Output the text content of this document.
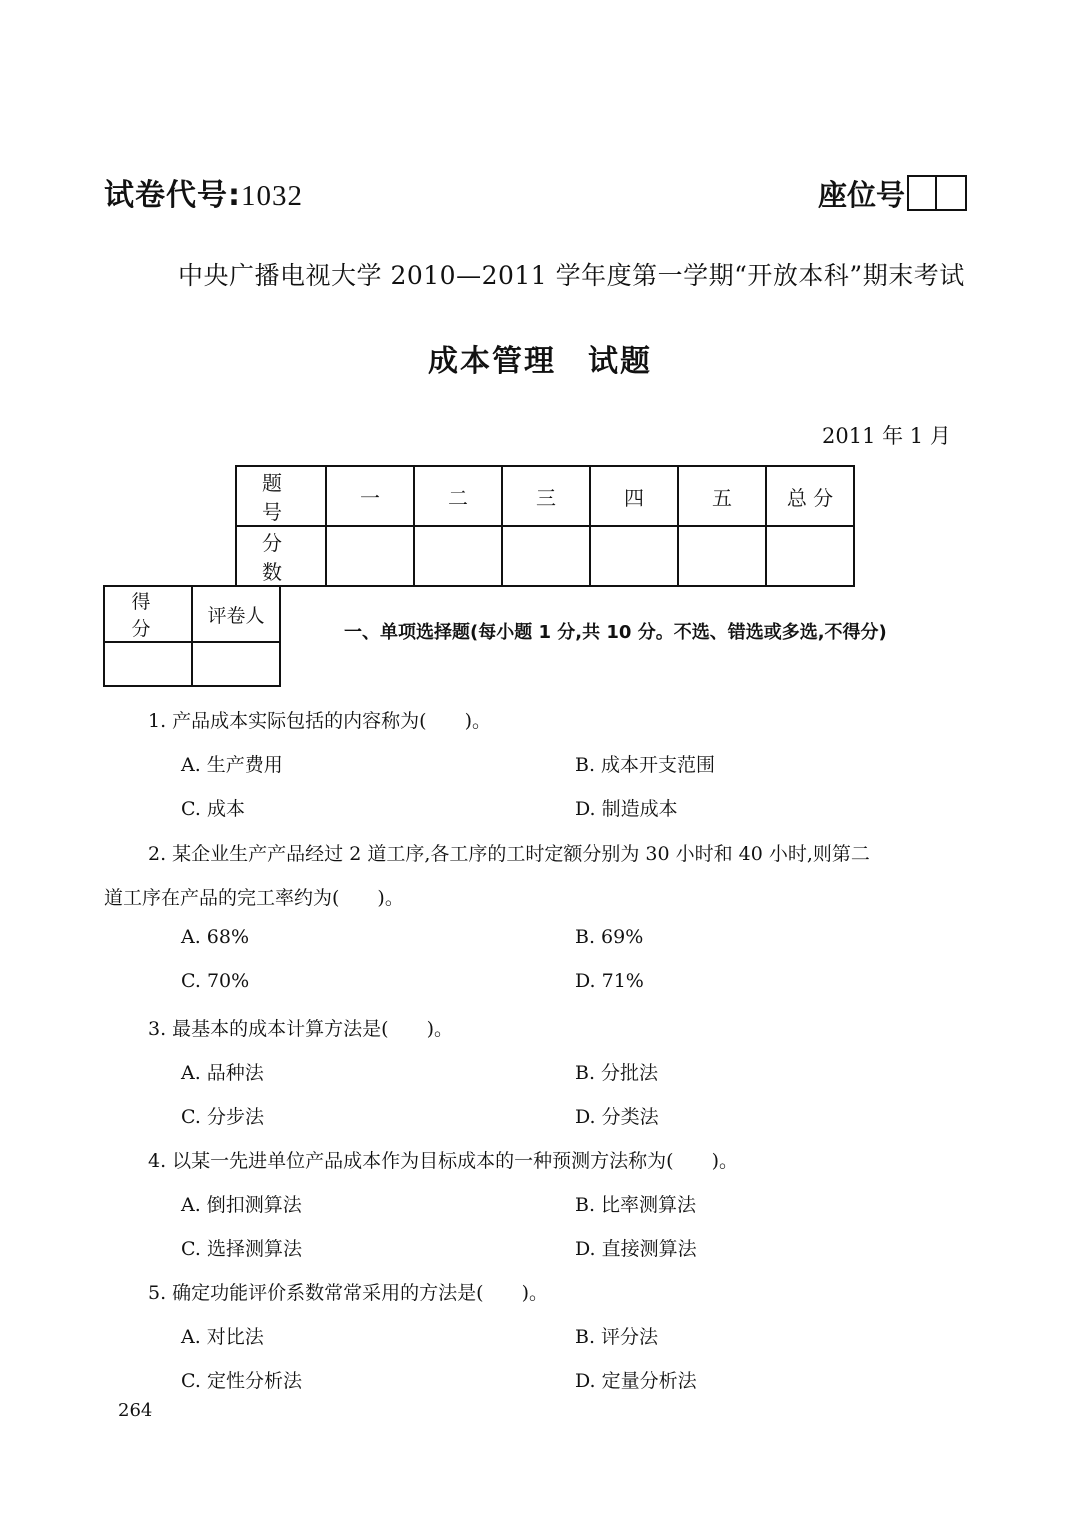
试卷代号:1032	座位号
中央广播电视大学 2010—2011 学年度第一学期“开放本科”期末考试
成本管理　试题
2011 年 1 月
题 号	一	二	三	四	五	总 分
分 数						
得 分	评卷人

一、单项选择题(每小题 1 分,共 10 分。不选、错选或多选,不得分)
1. 产品成本实际包括的内容称为(　　)。
A. 生产费用	B. 成本开支范围
C. 成本	D. 制造成本
2. 某企业生产产品经过 2 道工序,各工序的工时定额分别为 30 小时和 40 小时,则第二
道工序在产品的完工率约为(　　)。
A. 68%	B. 69%
C. 70%	D. 71%
3. 最基本的成本计算方法是(　　)。
A. 品种法	B. 分批法
C. 分步法	D. 分类法
4. 以某一先进单位产品成本作为目标成本的一种预测方法称为(　　)。
A. 倒扣测算法	B. 比率测算法
C. 选择测算法	D. 直接测算法
5. 确定功能评价系数常常采用的方法是(　　)。
A. 对比法	B. 评分法
C. 定性分析法	D. 定量分析法
264
